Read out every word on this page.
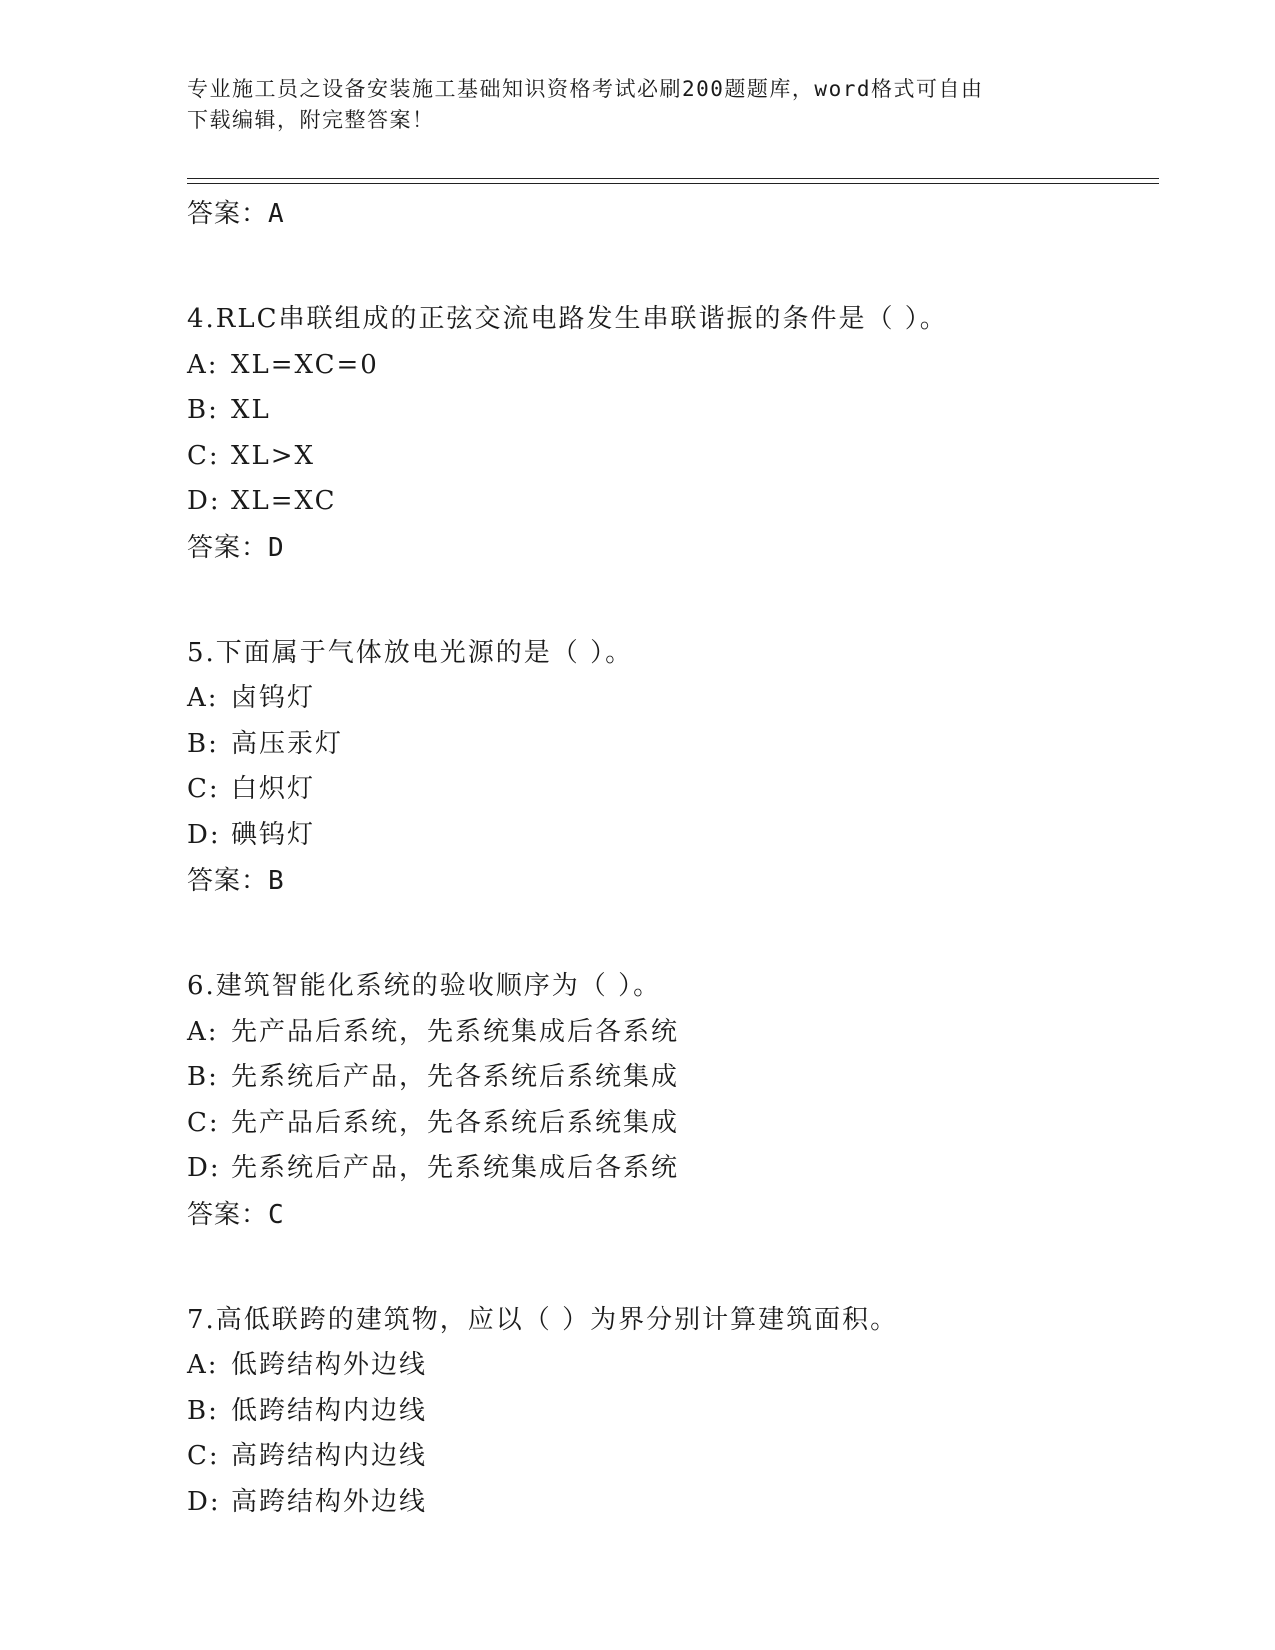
专业施工员之设备安装施工基础知识资格考试必刷200题题库，word格式可自由
下载编辑，附完整答案！
答案：A
4.RLC串联组成的正弦交流电路发生串联谐振的条件是（ ）。
A: XL=XC=0
B: XL
C: XL>X
D: XL=XC
答案：D
5.下面属于气体放电光源的是（ ）。
A: 卤钨灯
B: 高压汞灯
C: 白炽灯
D: 碘钨灯
答案：B
6.建筑智能化系统的验收顺序为（ ）。
A: 先产品后系统，先系统集成后各系统
B: 先系统后产品，先各系统后系统集成
C: 先产品后系统，先各系统后系统集成
D: 先系统后产品，先系统集成后各系统
答案：C
7.高低联跨的建筑物，应以（ ）为界分别计算建筑面积。
A: 低跨结构外边线
B: 低跨结构内边线
C: 高跨结构内边线
D: 高跨结构外边线
